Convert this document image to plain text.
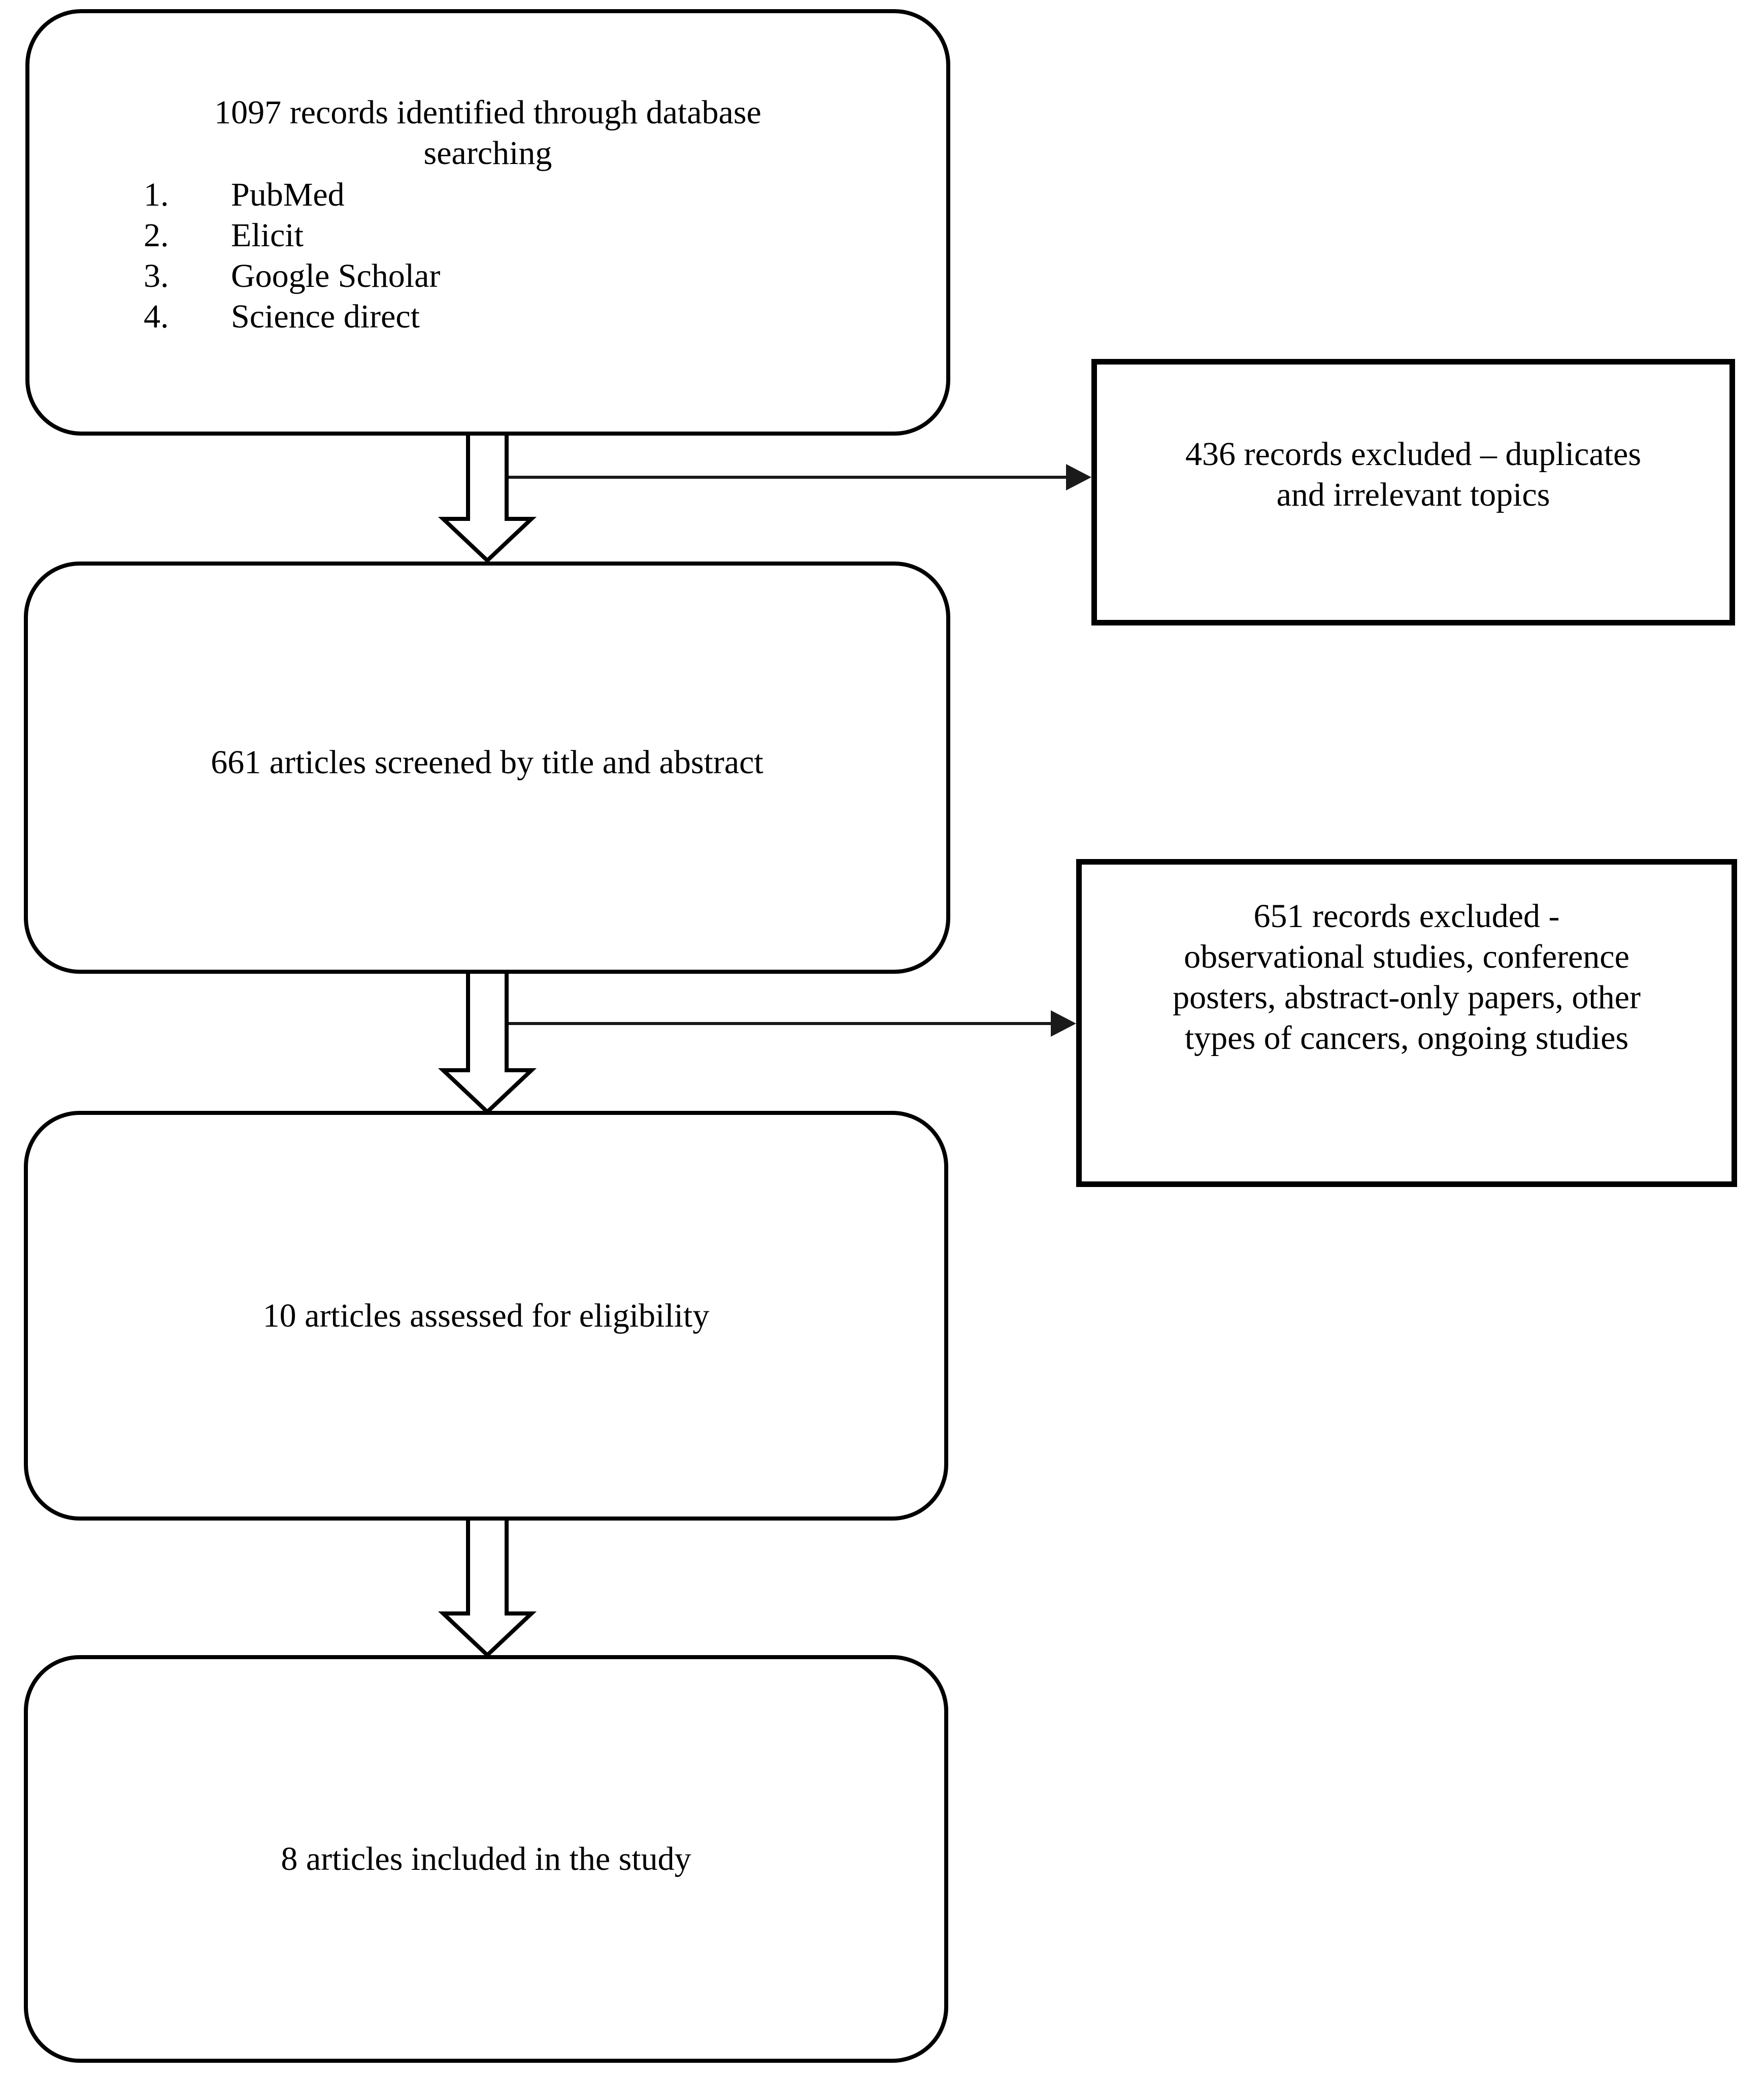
1097 records identified through database
searching
1.	PubMed
2.	Elicit
3.	Google Scholar
4.	Science direct
436 records excluded – duplicates
and irrelevant topics
661 articles screened by title and abstract
651 records excluded -
observational studies, conference
posters, abstract-only papers, other
types of cancers, ongoing studies
10 articles assessed for eligibility
8 articles included in the study
